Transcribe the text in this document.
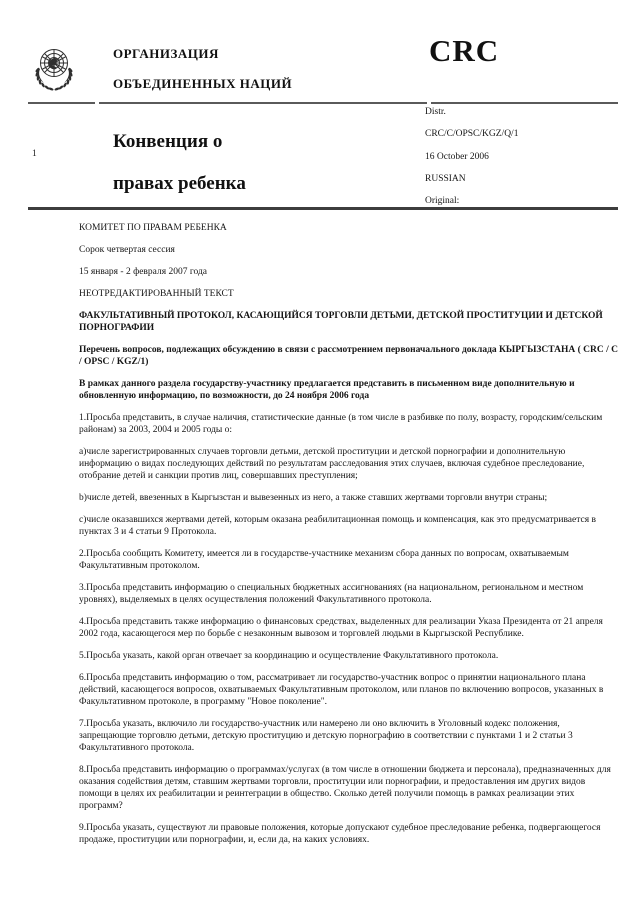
ОРГАНИЗАЦИЯ
ОБЪЕДИНЕННЫХ НАЦИЙ
CRC
Конвенция о
1
правах ребенка
Distr.
CRC/C/OPSC/KGZ/Q/1
16 October 2006
RUSSIAN
Original:

КОМИТЕТ ПО ПРАВАМ РЕБЕНКА

Сорок четвертая сессия

15 января - 2 февраля 2007 года

НЕОТРЕДАКТИРОВАННЫЙ ТЕКСТ

ФАКУЛЬТАТИВНЫЙ ПРОТОКОЛ, КАСАЮЩИЙСЯ ТОРГОВЛИ ДЕТЬМИ, ДЕТСКОЙ ПРОСТИТУЦИИ И ДЕТСКОЙ ПОРНОГРАФИИ

Перечень вопросов, подлежащих обсуждению в связи с рассмотрением первоначального доклада КЫРГЫЗСТАНА ( CRC / C / OPSC / KGZ/1)

В рамках данного раздела государству-участнику предлагается представить в письменном виде дополнительную и обновленную информацию, по возможности, до 24 ноября 2006 года

1.Просьба представить, в случае наличия, статистические данные (в том числе в разбивке по полу, возрасту, городским/сельским районам) за 2003, 2004 и 2005 годы о:

a)числе зарегистрированных случаев торговли детьми, детской проституции и детской порнографии и дополнительную информацию о видах последующих действий по результатам расследования этих случаев, включая судебное преследование, отобрание детей и санкции против лиц, совершавших преступления;

b)числе детей, ввезенных в Кыргызстан и вывезенных из него, а также ставших жертвами торговли внутри страны;

c)числе оказавшихся жертвами детей, которым оказана реабилитационная помощь и компенсация, как это предусматривается в пунктах 3 и 4 статьи 9 Протокола.

2.Просьба сообщить Комитету, имеется ли в государстве-участнике механизм сбора данных по вопросам, охватываемым Факультативным протоколом.

3.Просьба представить информацию о специальных бюджетных ассигнованиях (на национальном, региональном и местном уровнях), выделяемых в целях осуществления положений Факультативного протокола.

4.Просьба представить также информацию о финансовых средствах, выделенных для реализации Указа Президента от 21 апреля 2002 года, касающегося мер по борьбе с незаконным вывозом и торговлей людьми в Кыргызской Республике.

5.Просьба указать, какой орган отвечает за координацию и осуществление Факультативного протокола.

6.Просьба представить информацию о том, рассматривает ли государство-участник вопрос о принятии национального плана действий, касающегося вопросов, охватываемых Факультативным протоколом, или планов по включению вопросов, указанных в Факультативном протоколе, в программу "Новое поколение".

7.Просьба указать, включило ли государство-участник или намерено ли оно включить в Уголовный кодекс положения, запрещающие торговлю детьми, детскую проституцию и детскую порнографию в соответствии с пунктами 1 и 2 статьи 3 Факультативного протокола.

8.Просьба представить информацию о программах/услугах (в том числе в отношении бюджета и персонала), предназначенных для оказания содействия детям, ставшим жертвами торговли, проституции или порнографии, и предоставления им других видов помощи в целях их реабилитации и реинтеграции в общество. Сколько детей получили помощь в рамках реализации этих программ?

9.Просьба указать, существуют ли правовые положения, которые допускают судебное преследование ребенка, подвергающегося продаже, проституции или порнографии, и, если да, на каких условиях.
